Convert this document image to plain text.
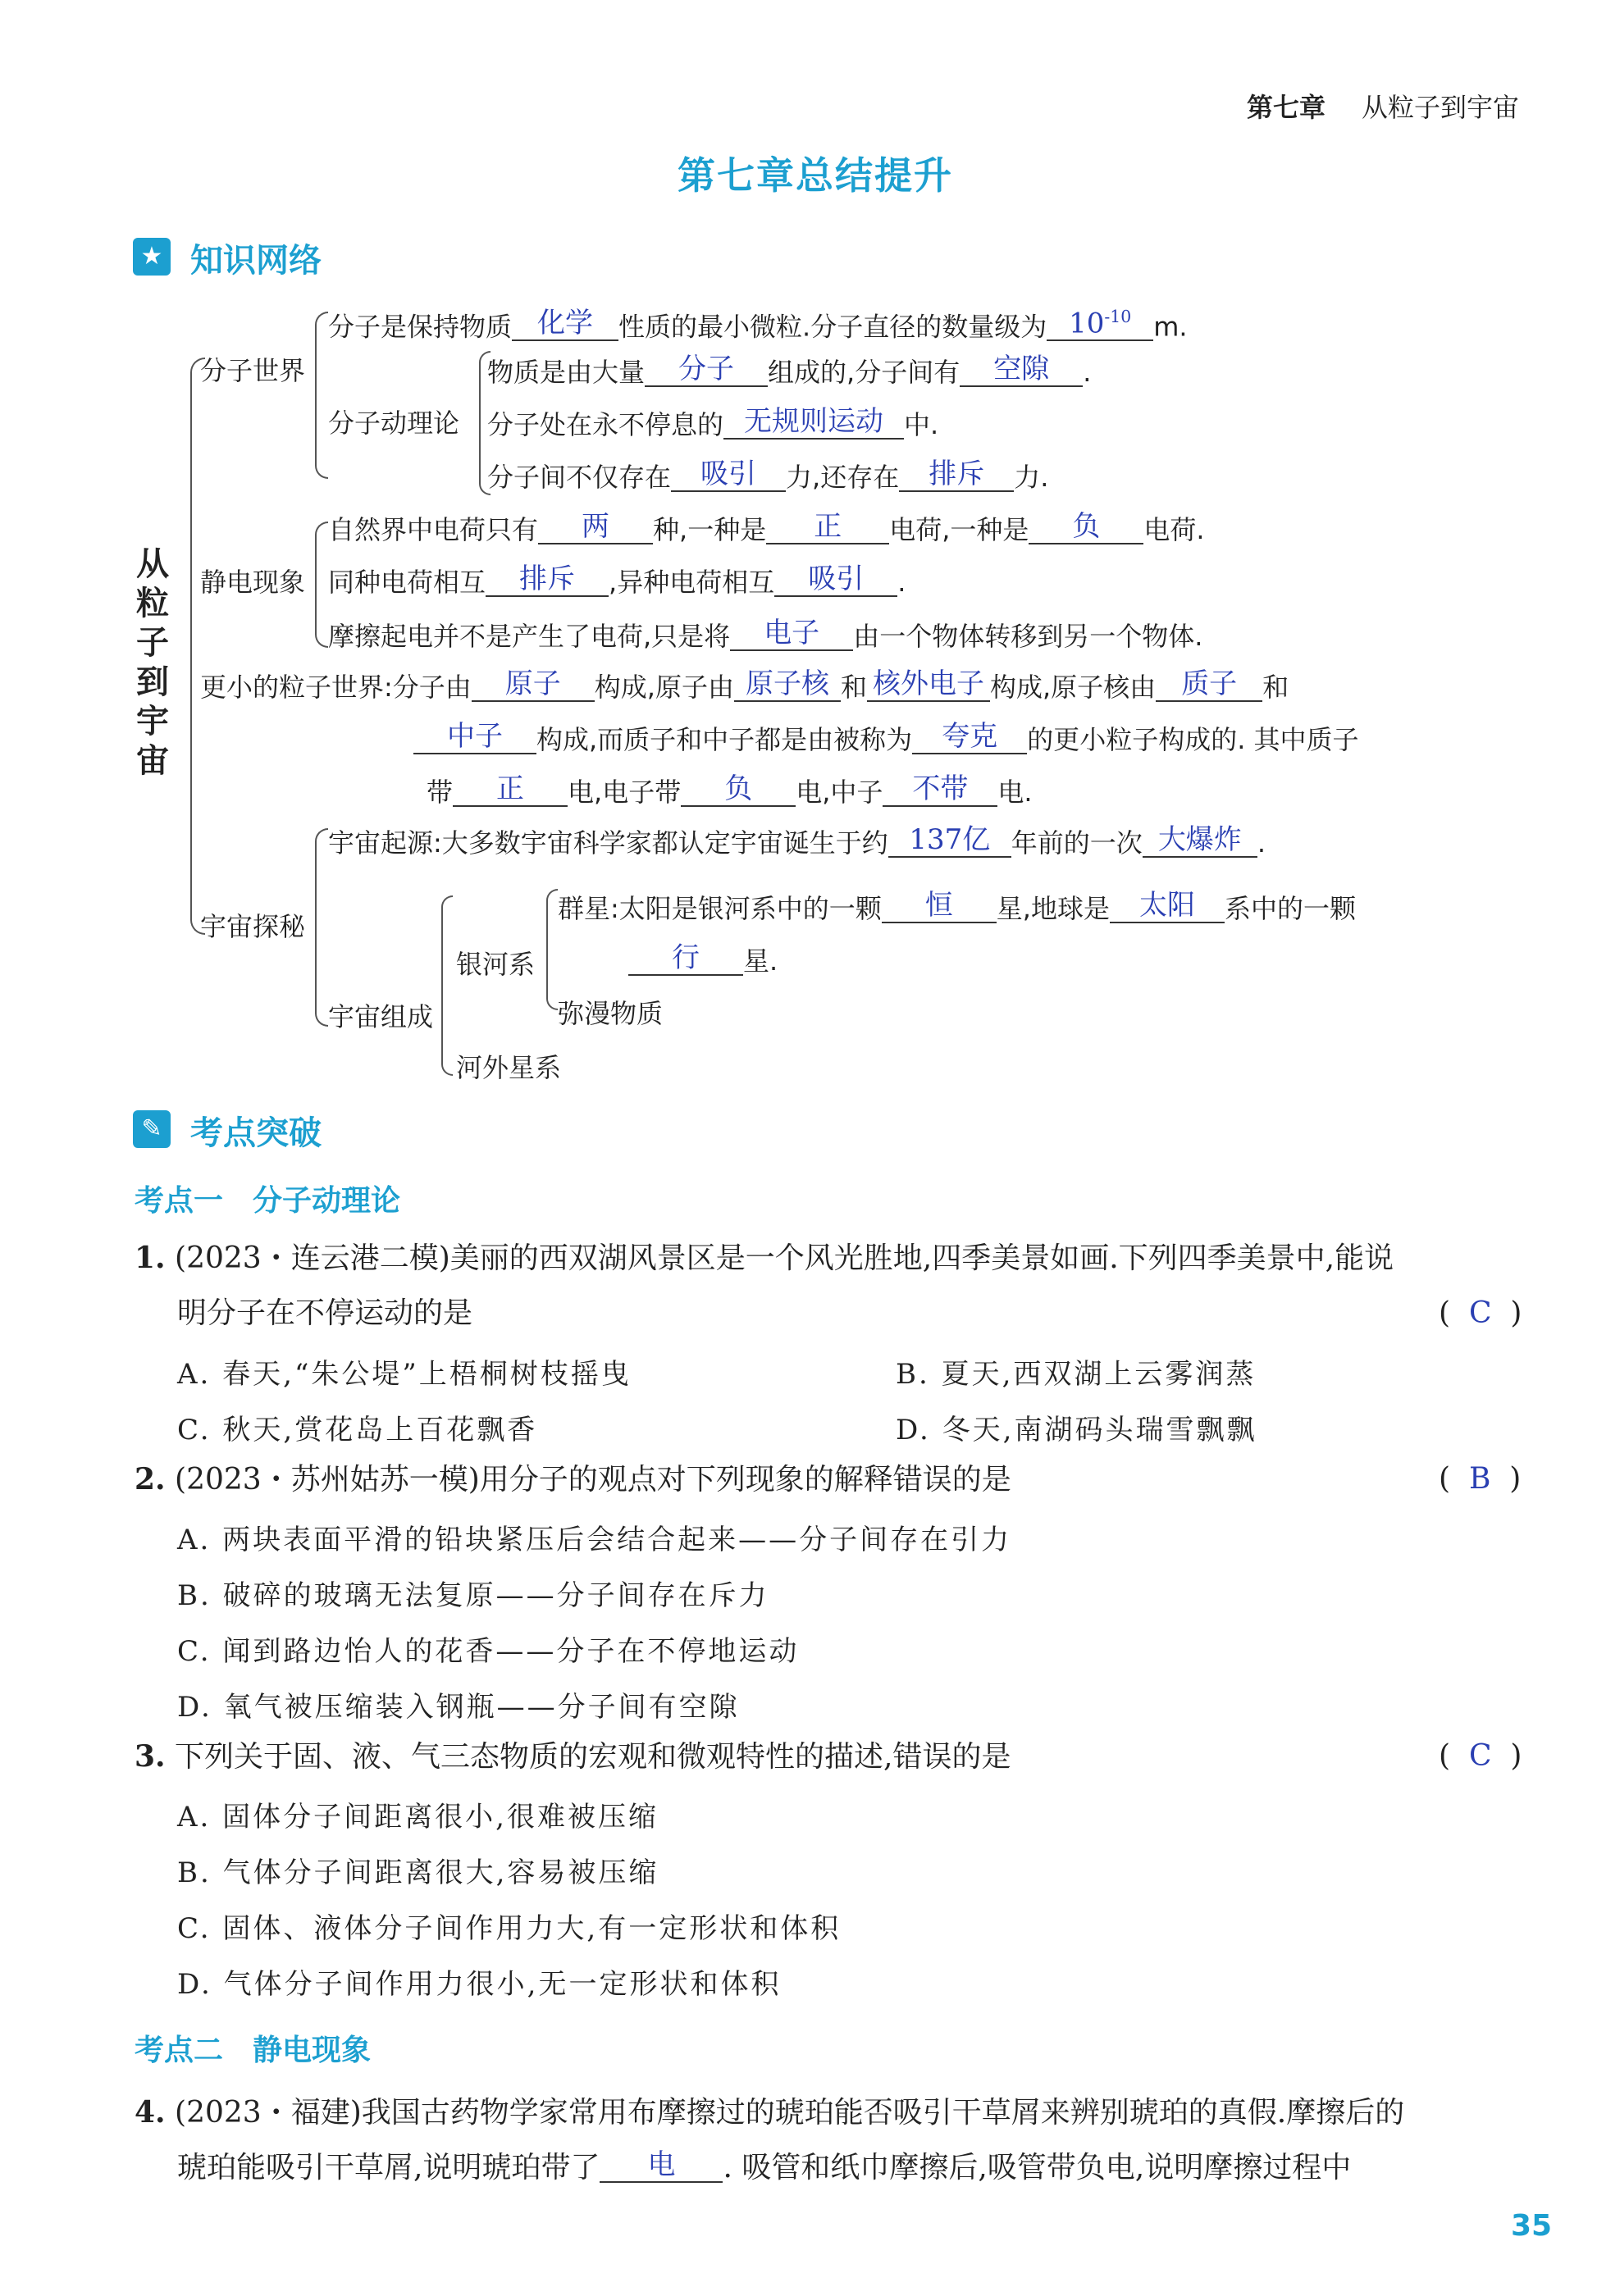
第七章 从粒子到宇宙
第七章总结提升
★ 知识网络
从粒子到宇宙
分子世界
分子是保持物质 化学 性质的最小微粒.分子直径的数量级为 $10^{-10}$ m.
分子动理论
物质是由大量 分子 组成的,分子间有 空隙 .
分子处在永不停息的 无规则运动 中.
分子间不仅存在 吸引 力,还存在 排斥 力.
静电现象
自然界中电荷只有 两 种,一种是 正 电荷,一种是 负 电荷.
同种电荷相互 排斥 ,异种电荷相互 吸引 .
摩擦起电并不是产生了电荷,只是将 电子 由一个物体转移到另一个物体.
更小的粒子世界:分子由 原子 构成,原子由 原子核 和 核外电子 构成,原子核由 质子 和
中子 构成,而质子和中子都是由被称为 夸克 的更小粒子构成的. 其中质子
带 正 电,电子带 负 电,中子 不带 电.
宇宙探秘
宇宙起源:大多数宇宙科学家都认定宇宙诞生于约 137亿 年前的一次 大爆炸 .
宇宙组成
银河系
群星:太阳是银河系中的一颗 恒 星,地球是 太阳 系中的一颗
行 星.
弥漫物质
河外星系
✎ 考点突破
考点一　分子动理论
1. (2023・连云港二模)美丽的西双湖风景区是一个风光胜地,四季美景如画.下列四季美景中,能说
明分子在不停运动的是	(  C  )
A. 春天,“朱公堤”上梧桐树枝摇曳	B. 夏天,西双湖上云雾润蒸
C. 秋天,赏花岛上百花飘香	D. 冬天,南湖码头瑞雪飘飘
2. (2023・苏州姑苏一模)用分子的观点对下列现象的解释错误的是	(  B  )
A. 两块表面平滑的铅块紧压后会结合起来——分子间存在引力
B. 破碎的玻璃无法复原——分子间存在斥力
C. 闻到路边怡人的花香——分子在不停地运动
D. 氧气被压缩装入钢瓶——分子间有空隙
3. 下列关于固、液、气三态物质的宏观和微观特性的描述,错误的是	(  C  )
A. 固体分子间距离很小,很难被压缩
B. 气体分子间距离很大,容易被压缩
C. 固体、液体分子间作用力大,有一定形状和体积
D. 气体分子间作用力很小,无一定形状和体积
考点二　静电现象
4. (2023・福建)我国古药物学家常用布摩擦过的琥珀能否吸引干草屑来辨别琥珀的真假.摩擦后的
琥珀能吸引干草屑,说明琥珀带了 电 . 吸管和纸巾摩擦后,吸管带负电,说明摩擦过程中
35
